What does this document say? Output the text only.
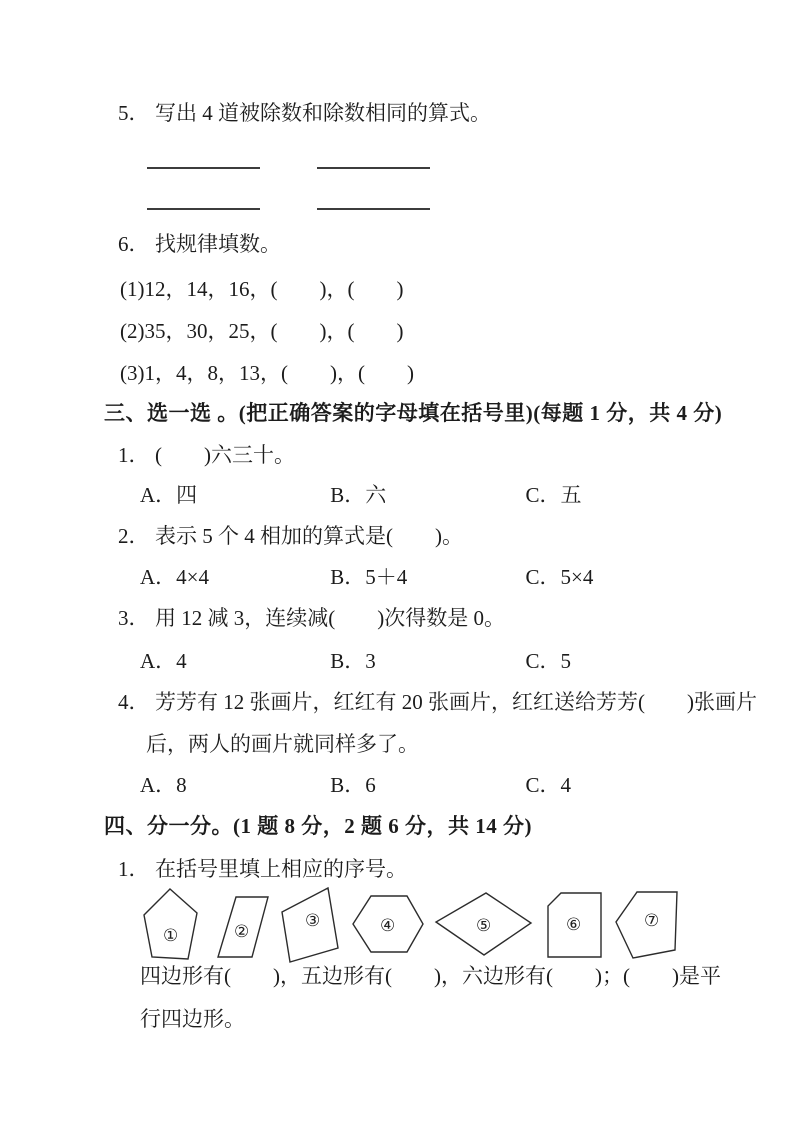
5． 写出 4 道被除数和除数相同的算式。
6． 找规律填数。
(1)12，14，16，(　　)，(　　)
(2)35，30，25，(　　)，(　　)
(3)1，4，8，13，(　　)，(　　)
三、选一选 。(把正确答案的字母填在括号里)(每题 1 分，共 4 分)
1． (　　)六三十。
A．四	B．六	C．五
2． 表示 5 个 4 相加的算式是(　　)。
A．4×4	B．5＋4	C．5×4
3． 用 12 减 3，连续减(　　)次得数是 0。
A．4	B．3	C．5
4． 芳芳有 12 张画片，红红有 20 张画片，红红送给芳芳(　　)张画片
后，两人的画片就同样多了。
A．8	B．6	C．4
四、分一分。(1 题 8 分，2 题 6 分，共 14 分)
1． 在括号里填上相应的序号。
①	②
③	④	⑤	⑥	⑦
四边形有(　　)，五边形有(　　)，六边形有(　　)；(　　)是平
行四边形。
